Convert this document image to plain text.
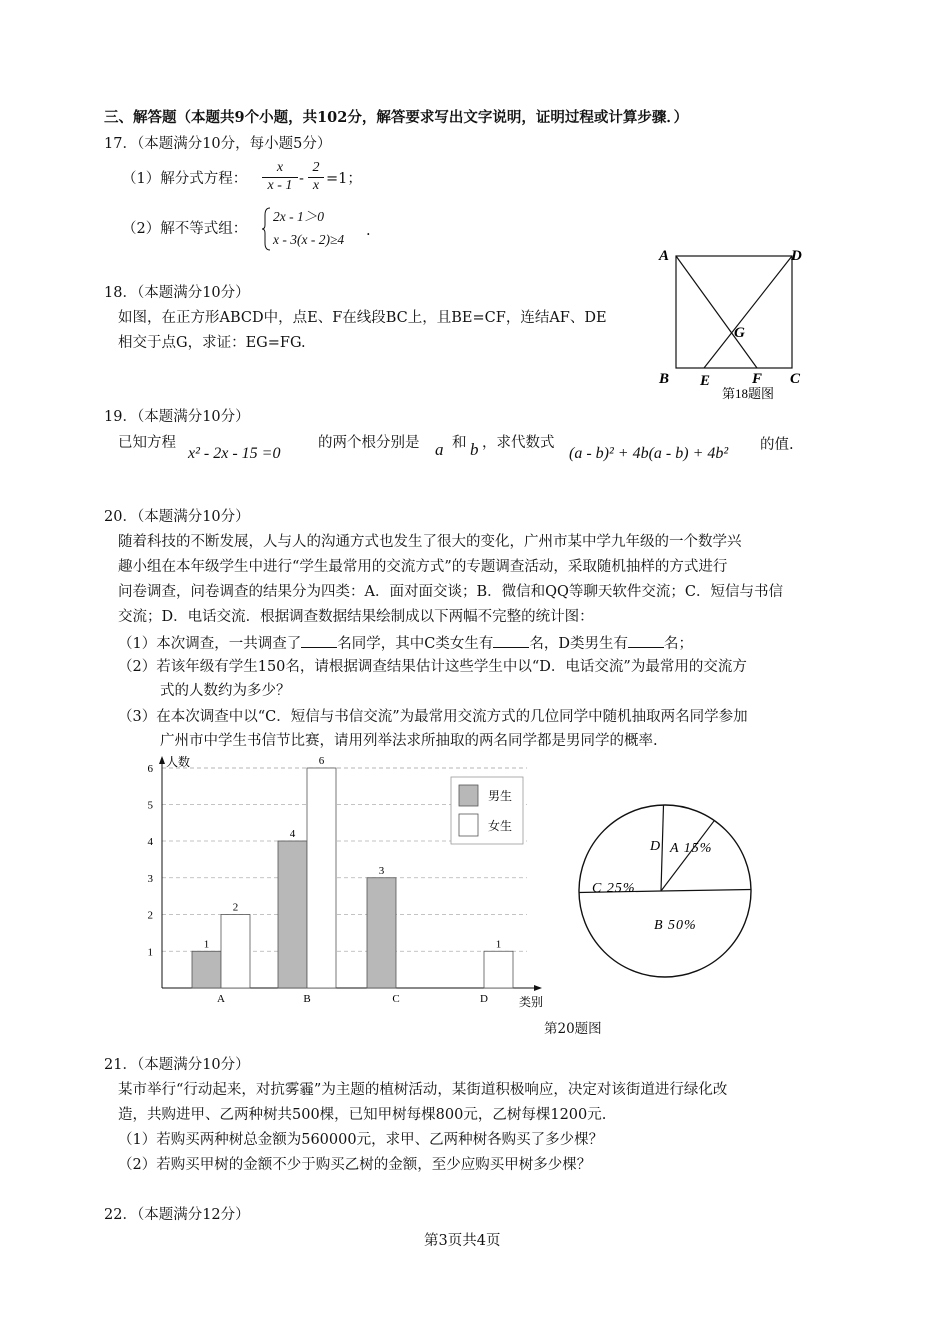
三、解答题（本题共9个小题，共102分，解答要求写出文字说明，证明过程或计算步骤．）
17．（本题满分10分，每小题5分）
（1）解分式方程： $\frac{x}{x - 1} - \frac{2}{x} =1$；
（2）解不等式组：
2x - 1＞0
x - 3(x - 2)≥4
.
A	D
G
B E	F C
第18题图
18．（本题满分10分）
如图，在正方形ABCD中，点E、F在线段BC上，且BE=CF，连结AF、DE
相交于点G，求证：EG=FG.
19．（本题满分10分）
已知方程
x² - 2x - 15 =0
的两个根分别是 a 和 b ，求代数式
(a - b)² + 4b(a - b) + 4b² 的值.
20．（本题满分10分）
随着科技的不断发展，人与人的沟通方式也发生了很大的变化，广州市某中学九年级的一个数学兴
趣小组在本年级学生中进行“学生最常用的交流方式”的专题调查活动，采取随机抽样的方式进行
问卷调查，问卷调查的结果分为四类：A．面对面交谈；B．微信和QQ等聊天软件交流；C．短信与书信
交流；D．电话交流．根据调查数据结果绘制成以下两幅不完整的统计图：
（1）本次调查，一共调查了 名同学，其中C类女生有 名，D类男生有 名；
（2）若该年级有学生150名，请根据调查结果估计这些学生中以“D．电话交流”为最常用的交流方
式的人数约为多少？
（3）在本次调查中以“C．短信与书信交流”为最常用交流方式的几位同学中随机抽取两名同学参加
广州市中学生书信节比赛，请用列举法求所抽取的两名同学都是男同学的概率.
1
2
3
4
5
6 人数
类别
A
1
2
B
4
6
C
3
D
1
男生
女生
A 15%
B 50%
C 25%
D
第20题图
21．（本题满分10分）
某市举行“行动起来，对抗雾霾”为主题的植树活动，某街道积极响应，决定对该街道进行绿化改
造，共购进甲、乙两种树共500棵，已知甲树每棵800元，乙树每棵1200元.
（1）若购买两种树总金额为560000元，求甲、乙两种树各购买了多少棵？
（2）若购买甲树的金额不少于购买乙树的金额，至少应购买甲树多少棵？
22．（本题满分12分）
第3页共4页
